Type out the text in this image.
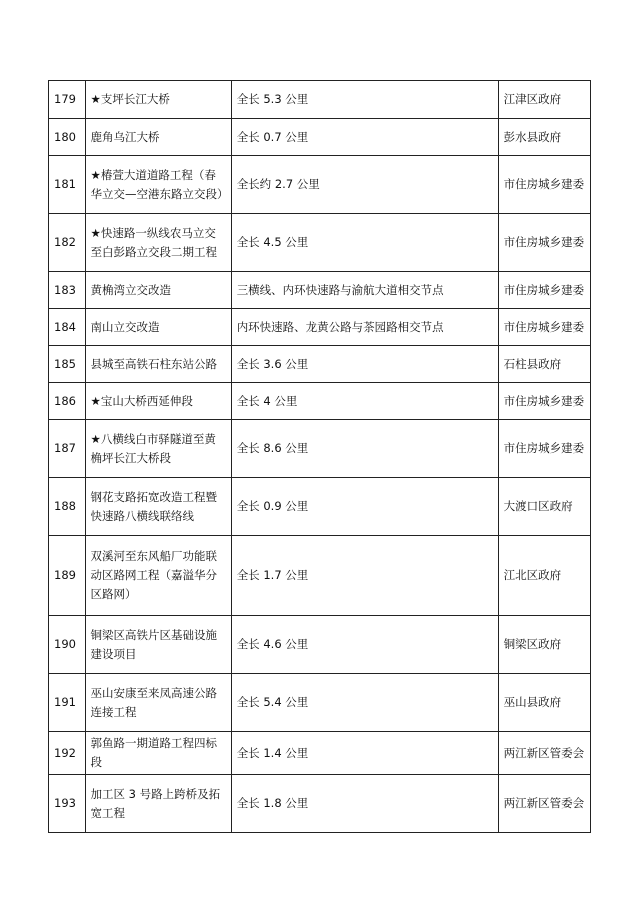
179	★支坪长江大桥	全长 5.3 公里	江津区政府
180	鹿角乌江大桥	全长 0.7 公里	彭水县政府
181	★椿萱大道道路工程（春华立交—空港东路立交段）	全长约 2.7 公里	市住房城乡建委
182	★快速路一纵线农马立交至白彭路立交段二期工程	全长 4.5 公里	市住房城乡建委
183	黄桷湾立交改造	三横线、内环快速路与渝航大道相交节点	市住房城乡建委
184	南山立交改造	内环快速路、龙黄公路与茶园路相交节点	市住房城乡建委
185	县城至高铁石柱东站公路	全长 3.6 公里	石柱县政府
186	★宝山大桥西延伸段	全长 4 公里	市住房城乡建委
187	★八横线白市驿隧道至黄桷坪长江大桥段	全长 8.6 公里	市住房城乡建委
188	钢花支路拓宽改造工程暨快速路八横线联络线	全长 0.9 公里	大渡口区政府
189	双溪河至东风船厂功能联动区路网工程（嘉溢华分区路网）	全长 1.7 公里	江北区政府
190	铜梁区高铁片区基础设施建设项目	全长 4.6 公里	铜梁区政府
191	巫山安康至来凤高速公路连接工程	全长 5.4 公里	巫山县政府
192	郭鱼路一期道路工程四标段	全长 1.4 公里	两江新区管委会
193	加工区 3 号路上跨桥及拓宽工程	全长 1.8 公里	两江新区管委会
